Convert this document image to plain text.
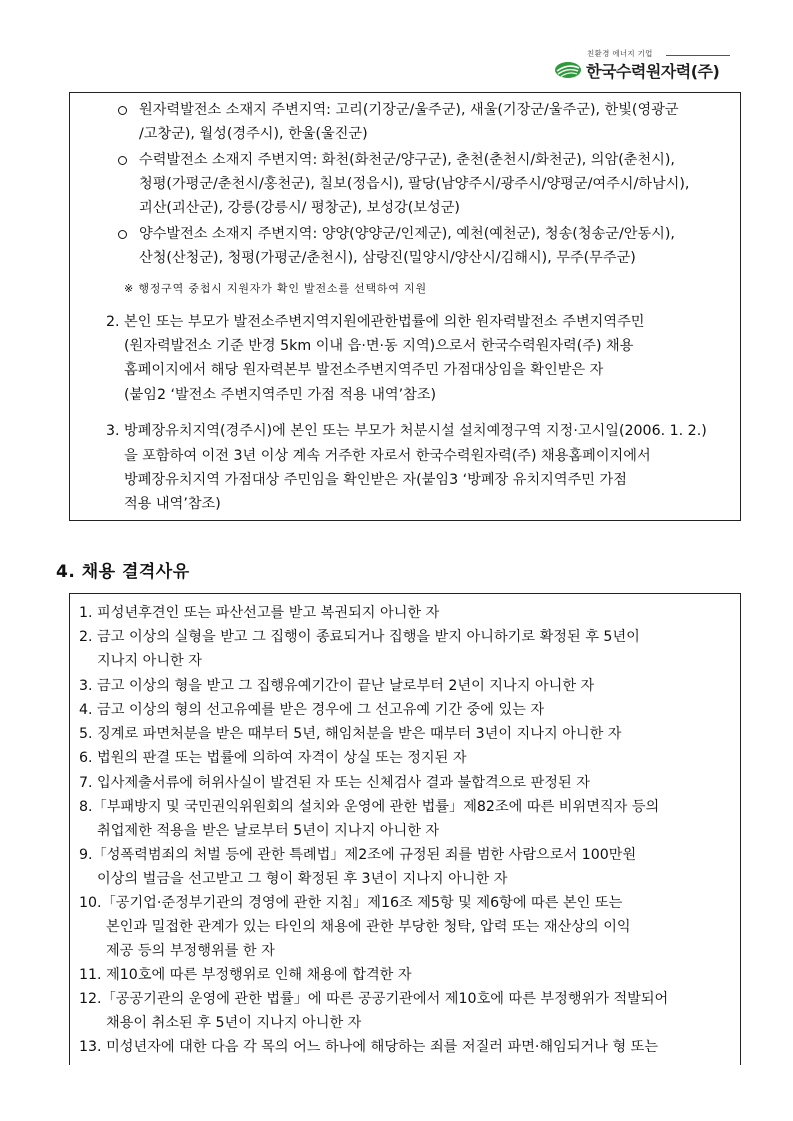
친환경 에너지 기업
한국수력원자력(주)
원자력발전소 소재지 주변지역: 고리(기장군/울주군), 새울(기장군/울주군), 한빛(영광군
/고창군), 월성(경주시), 한울(울진군)
수력발전소 소재지 주변지역: 화천(화천군/양구군), 춘천(춘천시/화천군), 의암(춘천시),
청평(가평군/춘천시/홍천군), 칠보(정읍시), 팔당(남양주시/광주시/양평군/여주시/하남시),
괴산(괴산군), 강릉(강릉시/ 평창군), 보성강(보성군)
양수발전소 소재지 주변지역: 양양(양양군/인제군), 예천(예천군), 청송(청송군/안동시),
산청(산청군), 청평(가평군/춘천시), 삼랑진(밀양시/양산시/김해시), 무주(무주군)
※ 행정구역 중첩시 지원자가 확인 발전소를 선택하여 지원
2. 본인 또는 부모가 발전소주변지역지원에관한법률에 의한 원자력발전소 주변지역주민
(원자력발전소 기준 반경 5km 이내 읍·면·동 지역)으로서 한국수력원자력(주) 채용
홈페이지에서 해당 원자력본부 발전소주변지역주민 가점대상임을 확인받은 자
(붙임2 ‘발전소 주변지역주민 가점 적용 내역’참조)
3. 방폐장유치지역(경주시)에 본인 또는 부모가 처분시설 설치예정구역 지정·고시일(2006. 1. 2.)
을 포함하여 이전 3년 이상 계속 거주한 자로서 한국수력원자력(주) 채용홈페이지에서
방폐장유치지역 가점대상 주민임을 확인받은 자(붙임3 ‘방폐장 유치지역주민 가점
적용 내역’참조)
4. 채용 결격사유
1. 피성년후견인 또는 파산선고를 받고 복권되지 아니한 자
2. 금고 이상의 실형을 받고 그 집행이 종료되거나 집행을 받지 아니하기로 확정된 후 5년이
지나지 아니한 자
3. 금고 이상의 형을 받고 그 집행유예기간이 끝난 날로부터 2년이 지나지 아니한 자
4. 금고 이상의 형의 선고유예를 받은 경우에 그 선고유예 기간 중에 있는 자
5. 징계로 파면처분을 받은 때부터 5년, 해임처분을 받은 때부터 3년이 지나지 아니한 자
6. 법원의 판결 또는 법률에 의하여 자격이 상실 또는 정지된 자
7. 입사제출서류에 허위사실이 발견된 자 또는 신체검사 결과 불합격으로 판정된 자
8.「부패방지 및 국민권익위원회의 설치와 운영에 관한 법률」제82조에 따른 비위면직자 등의
취업제한 적용을 받은 날로부터 5년이 지나지 아니한 자
9.「성폭력범죄의 처벌 등에 관한 특례법」제2조에 규정된 죄를 범한 사람으로서 100만원
이상의 벌금을 선고받고 그 형이 확정된 후 3년이 지나지 아니한 자
10.「공기업·준정부기관의 경영에 관한 지침」제16조 제5항 및 제6항에 따른 본인 또는
본인과 밀접한 관계가 있는 타인의 채용에 관한 부당한 청탁, 압력 또는 재산상의 이익
제공 등의 부정행위를 한 자
11. 제10호에 따른 부정행위로 인해 채용에 합격한 자
12.「공공기관의 운영에 관한 법률」에 따른 공공기관에서 제10호에 따른 부정행위가 적발되어
채용이 취소된 후 5년이 지나지 아니한 자
13. 미성년자에 대한 다음 각 목의 어느 하나에 해당하는 죄를 저질러 파면·해임되거나 형 또는
